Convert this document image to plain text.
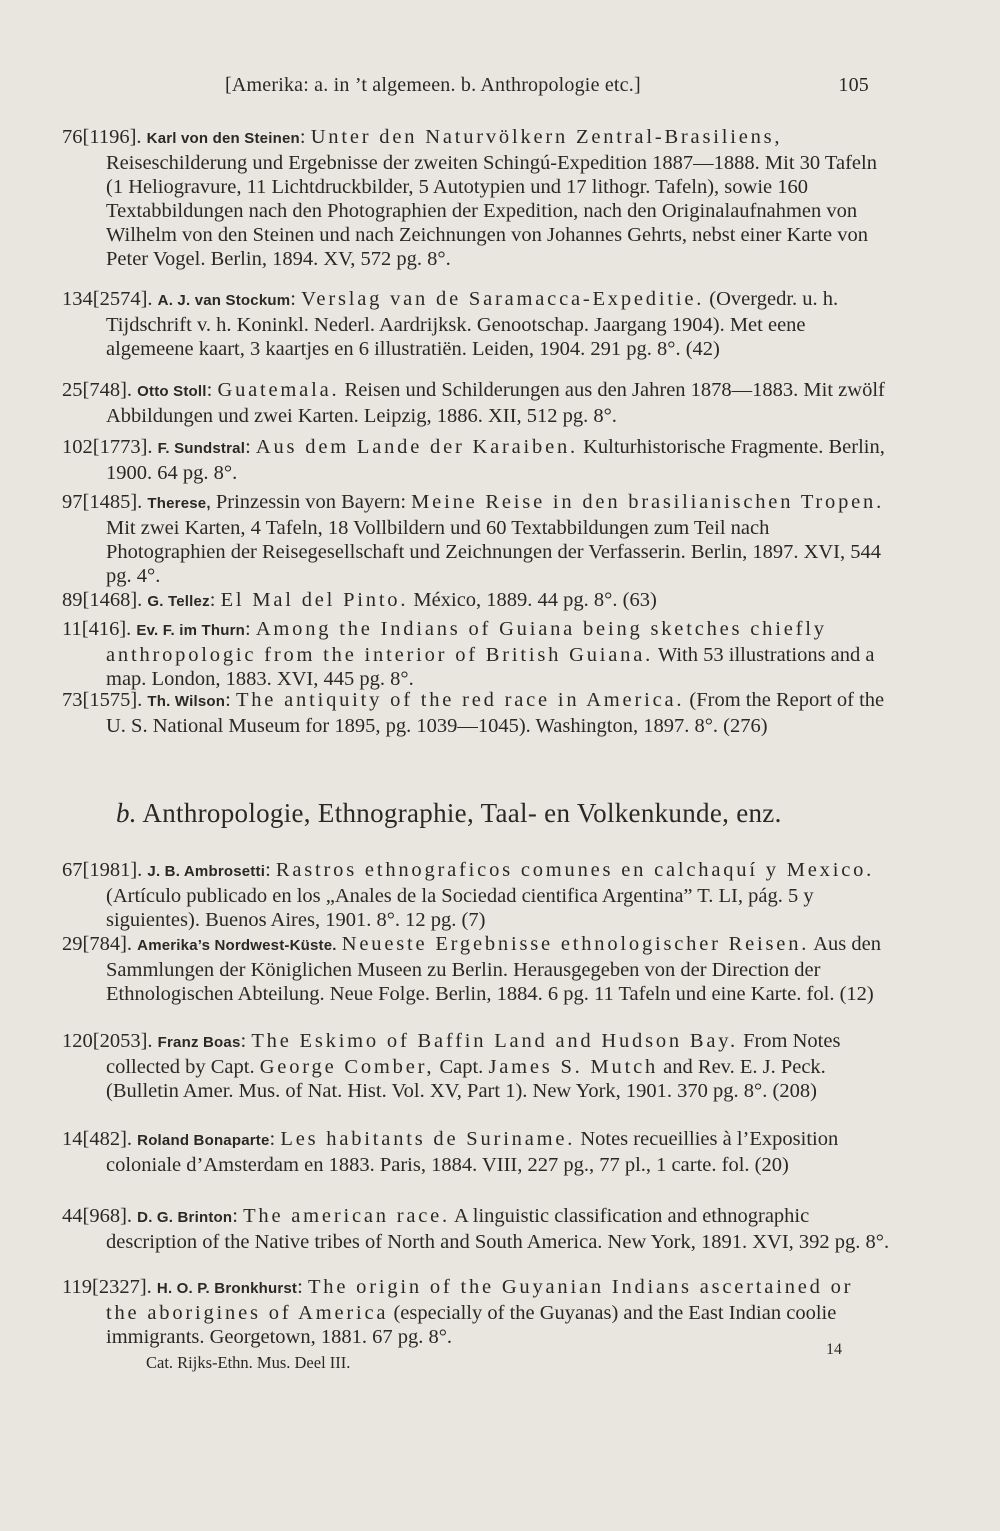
[Amerika: a. in ’t algemeen. b. Anthropologie etc.]	105
76[1196]. Karl von den Steinen: Unter den Naturvölkern Zentral-Brasiliens, Reiseschilderung und Ergebnisse der zweiten Schingú-Expedition 1887—1888. Mit 30 Tafeln (1 Heliogravure, 11 Lichtdruckbilder, 5 Autotypien und 17 lithogr. Tafeln), sowie 160 Textabbildungen nach den Photographien der Expedition, nach den Originalaufnahmen von Wilhelm von den Steinen und nach Zeichnungen von Johannes Gehrts, nebst einer Karte von Peter Vogel. Berlin, 1894. XV, 572 pg. 8°.
134[2574]. A. J. van Stockum: Verslag van de Saramacca-Expeditie. (Overgedr. u. h. Tijdschrift v. h. Koninkl. Nederl. Aardrijksk. Genootschap. Jaargang 1904). Met eene algemeene kaart, 3 kaartjes en 6 illustratiën. Leiden, 1904. 291 pg. 8°. (42)
25[748]. Otto Stoll: Guatemala. Reisen und Schilderungen aus den Jahren 1878—1883. Mit zwölf Abbildungen und zwei Karten. Leipzig, 1886. XII, 512 pg. 8°.
102[1773]. F. Sundstral: Aus dem Lande der Karaiben. Kulturhistorische Fragmente. Berlin, 1900. 64 pg. 8°.
97[1485]. Therese, Prinzessin von Bayern: Meine Reise in den brasilianischen Tropen. Mit zwei Karten, 4 Tafeln, 18 Vollbildern und 60 Textabbildungen zum Teil nach Photographien der Reisegesellschaft und Zeichnungen der Verfasserin. Berlin, 1897. XVI, 544 pg. 4°.
89[1468]. G. Tellez: El Mal del Pinto. México, 1889. 44 pg. 8°. (63)
11[416]. Ev. F. im Thurn: Among the Indians of Guiana being sketches chiefly anthropologic from the interior of British Guiana. With 53 illustrations and a map. London, 1883. XVI, 445 pg. 8°.
73[1575]. Th. Wilson: The antiquity of the red race in America. (From the Report of the U. S. National Museum for 1895, pg. 1039—1045). Washington, 1897. 8°. (276)
b. Anthropologie, Ethnographie, Taal- en Volkenkunde, enz.
67[1981]. J. B. Ambrosetti: Rastros ethnograficos comunes en calchaquí y Mexico. (Artículo publicado en los „Anales de la Sociedad cientifica Argentina” T. LI, pág. 5 y siguientes). Buenos Aires, 1901. 8°. 12 pg. (7)
29[784]. Amerika’s Nordwest-Küste. Neueste Ergebnisse ethnologischer Reisen. Aus den Sammlungen der Königlichen Museen zu Berlin. Herausgegeben von der Direction der Ethnologischen Abteilung. Neue Folge. Berlin, 1884. 6 pg. 11 Tafeln und eine Karte. fol. (12)
120[2053]. Franz Boas: The Eskimo of Baffin Land and Hudson Bay. From Notes collected by Capt. George Comber, Capt. James S. Mutch and Rev. E. J. Peck. (Bulletin Amer. Mus. of Nat. Hist. Vol. XV, Part 1). New York, 1901. 370 pg. 8°. (208)
14[482]. Roland Bonaparte: Les habitants de Suriname. Notes recueillies à l’Exposition coloniale d’Amsterdam en 1883. Paris, 1884. VIII, 227 pg., 77 pl., 1 carte. fol. (20)
44[968]. D. G. Brinton: The american race. A linguistic classification and ethnographic description of the Native tribes of North and South America. New York, 1891. XVI, 392 pg. 8°.
119[2327]. H. O. P. Bronkhurst: The origin of the Guyanian Indians ascertained or the aborigines of America (especially of the Guyanas) and the East Indian coolie immigrants. Georgetown, 1881. 67 pg. 8°.
Cat. Rijks-Ethn. Mus. Deel III.
14
